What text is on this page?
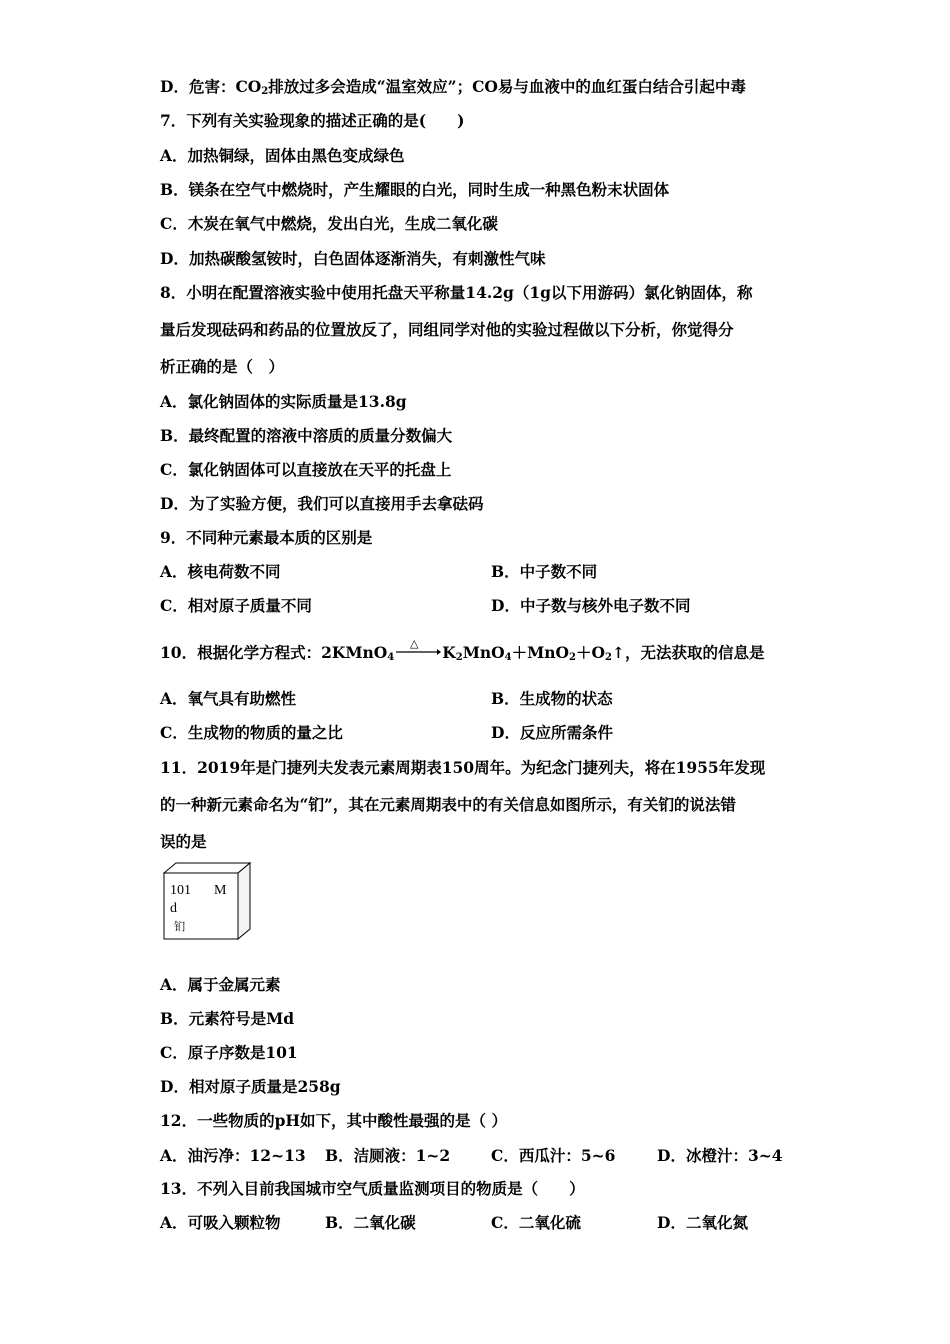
D．危害：$CO_2$排放过多会造成“温室效应”；CO易与血液中的血红蛋白结合引起中毒
7．下列有关实验现象的描述正确的是(　　)
A．加热铜绿，固体由黑色变成绿色
B．镁条在空气中燃烧时，产生耀眼的白光，同时生成一种黑色粉末状固体
C．木炭在氧气中燃烧，发出白光，生成二氧化碳
D．加热碳酸氢铵时，白色固体逐渐消失，有刺激性气味
8．小明在配置溶液实验中使用托盘天平称量14.2g（1g以下用游码）氯化钠固体，称
量后发现砝码和药品的位置放反了，同组同学对他的实验过程做以下分析，你觉得分
析正确的是（　）
A．氯化钠固体的实际质量是13.8g
B．最终配置的溶液中溶质的质量分数偏大
C．氯化钠固体可以直接放在天平的托盘上
D．为了实验方便，我们可以直接用手去拿砝码
9．不同种元素最本质的区别是
A．核电荷数不同	B．中子数不同
C．相对原子质量不同	D．中子数与核外电子数不同
10．根据化学方程式：2KMnO$_4$
△ $K_2MnO_4+MnO_2+O_2↑$，无法获取的信息是
A．氧气具有助燃性	B．生成物的状态
C．生成物的物质的量之比	D．反应所需条件
11．2019年是门捷列夫发表元素周期表150周年。为纪念门捷列夫，将在1955年发现
的一种新元素命名为“钔”，其在元素周期表中的有关信息如图所示，有关钔的说法错
误的是
101 M
d
钔
A．属于金属元素
B．元素符号是Md
C．原子序数是101
D．相对原子质量是258g
12．一些物质的pH如下，其中酸性最强的是（ ）
A．油污净：12~13 B．洁厕液：1~2	C．西瓜汁：5~6	D．冰橙汁：3~4
13．不列入目前我国城市空气质量监测项目的物质是（　　）
A．可吸入颗粒物	B．二氧化碳	C．二氧化硫	D．二氧化氮
